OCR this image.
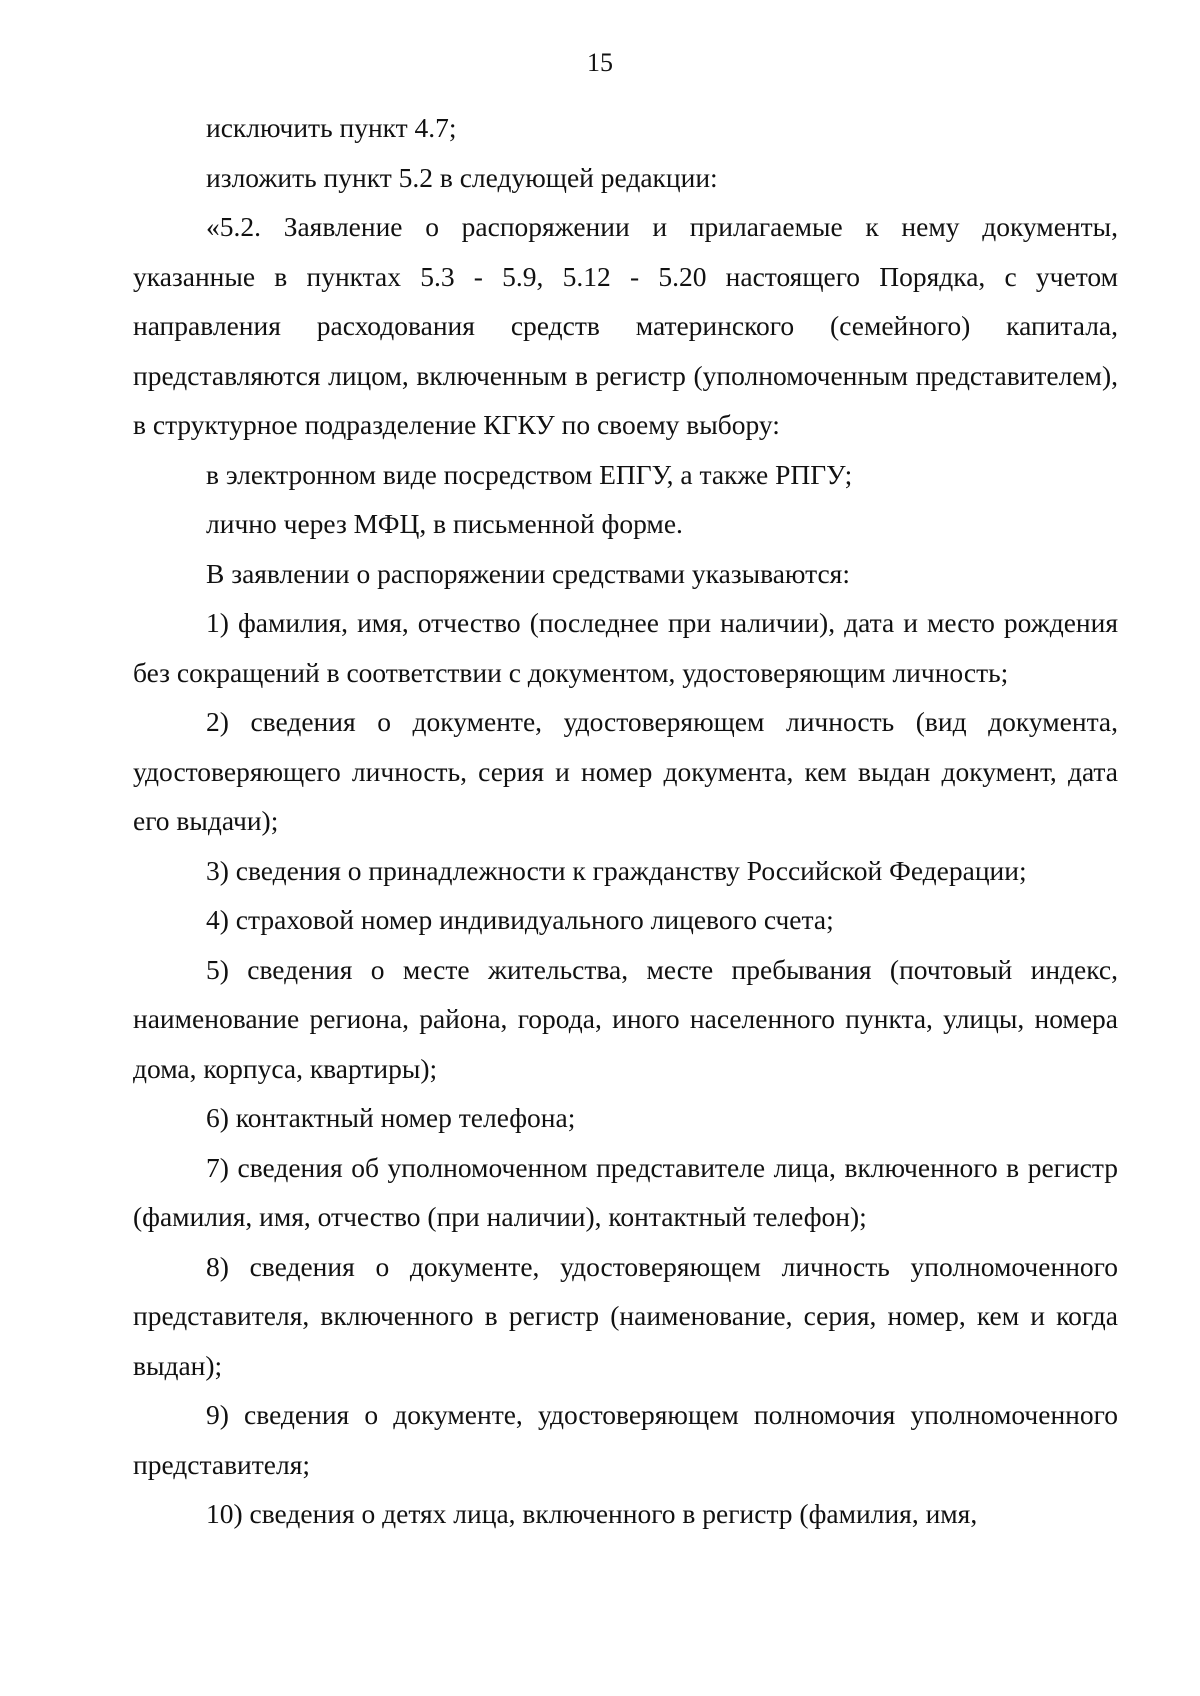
15

исключить пункт 4.7;

изложить пункт 5.2 в следующей редакции:

«5.2. Заявление о распоряжении и прилагаемые к нему документы, указанные в пунктах 5.3 - 5.9, 5.12 - 5.20 настоящего Порядка, с учетом направления расходования средств материнского (семейного) капитала, представляются лицом, включенным в регистр (уполномоченным представителем), в структурное подразделение КГКУ по своему выбору:

в электронном виде посредством ЕПГУ, а также РПГУ;

лично через МФЦ, в письменной форме.

В заявлении о распоряжении средствами указываются:

1) фамилия, имя, отчество (последнее при наличии), дата и место рождения без сокращений в соответствии с документом, удостоверяющим личность;

2) сведения о документе, удостоверяющем личность (вид документа, удостоверяющего личность, серия и номер документа, кем выдан документ, дата его выдачи);

3) сведения о принадлежности к гражданству Российской Федерации;

4) страховой номер индивидуального лицевого счета;

5) сведения о месте жительства, месте пребывания (почтовый индекс, наименование региона, района, города, иного населенного пункта, улицы, номера дома, корпуса, квартиры);

6) контактный номер телефона;

7) сведения об уполномоченном представителе лица, включенного в регистр (фамилия, имя, отчество (при наличии), контактный телефон);

8) сведения о документе, удостоверяющем личность уполномоченного представителя, включенного в регистр (наименование, серия, номер, кем и когда выдан);

9) сведения о документе, удостоверяющем полномочия уполномоченного представителя;

10) сведения о детях лица, включенного в регистр (фамилия, имя,
